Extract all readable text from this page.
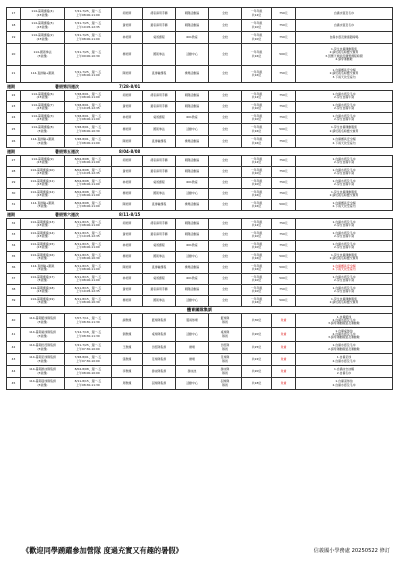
17	114-暑期課後(4)
(15堂課)	7/21-7/25，週一-五
上午08:00-11:00	胡老師	胡家兩用手藝	朝陽活動區	全校	一年年級
共12位	750元	自備水壺及毛巾
18	114-暑期課後(5)
(15堂課)	7/21-7/25，週一-五
上午10:05-12:35	黃老師	黃家兩用手藝	朝陽活動區	全校	一年年級
共10位	750元	自備水壺及毛巾
19	114-暑期課後(2)
(15堂課)	7/21-7/25，週一-五
上午08:00-11:00	林老師	桌遊課程	601教室	全校	一年年級
共10位	750元	自備水壺及健康隨時喝
20	114-國術拳法
(5堂課)	7/21-7/25，週一-五
上午09:00-10:30	楊老師	國術拳法	活動中心	全校	一年年級
共16位	500元	1.學生自備運動服裝
2.請於報名時繳交費用
3.因應天候狀況調整課程時間
4.請穿運動鞋
21	114-直排輪+跑跳	7/21-7/25，週一-五
上午08:00-11:00	陳老師	直排輪課程	操場活動區	全校	一年年級
共16位	750元	1.自備護具安全帽
2.請於報名時繳交費用
3.下雨天改至室內
週期 暑假第四週次 7/28-8/01									
22	114-暑期課後(6)
(15堂課)	7/28-8/01，週一-五
上午08:00-11:00	胡老師	胡家兩用手藝	朝陽活動區	全校	一年年級
共12位	750元	1.自備水壺及毛巾
2.學生自備午餐
23	114-暑期課後(7)
(15堂課)	7/28-8/01，週一-五
上午10:05-12:35	黃老師	黃家兩用手藝	朝陽活動區	全校	一年年級
共10位	750元	1.自備水壺及毛巾
2.學生自備午餐
24	114-暑期課後(3)
(15堂課)	7/28-8/01，週一-五
上午08:00-11:00	林老師	桌遊課程	601教室	全校	一年年級
共10位	750元	1.自備水壺及毛巾
2.學生自備午餐
25	114-暑期課後(8)
(5堂課)	7/28-8/01，週一-五
上午08:00-10:30	楊老師	國術拳法	活動中心	全校	一年年級
共16位	500元	1.學生自備運動服裝
2.請於報名時繳交費用
26	114-直排輪+跑跳
(5堂課)	7/28-8/01，週一-五
上午08:00-11:00	陳老師	直排輪課程	操場活動區	全校	一年年級
共16位	750元	1.自備護具安全帽
2.下雨天改至室內
週期 暑假第五週次 8/04-8/08									
27	114-暑期課後(9)
(15堂課)	8/04-8/08，週一-五
上午08:00-11:00	胡老師	胡家兩用手藝	朝陽活動區	全校	一年年級
共12位	750元	1.自備水壺及毛巾
2.學生自備午餐
28	114-暑期課後(10)
(15堂課)	8/04-8/08，週一-五
上午10:05-12:35	黃老師	黃家兩用手藝	朝陽活動區	全校	一年年級
共10位	750元	1.自備水壺及毛巾
2.學生自備午餐
29	114-暑期課後(11)
(15堂課)	8/04-8/08，週一-五
上午08:00-11:00	林老師	桌遊課程	601教室	全校	一年年級
共10位	750元	1.自備水壺及毛巾
2.學生自備午餐
30	114-暑期課後(12)
(15堂課)	8/04-8/08，週一-五
上午08:00-11:00	楊老師	國術拳法	活動中心	全校	一年年級
共16位	750元	1.學生自備運動服裝
2.請於報名時繳交費用
31	114-直排輪+跑跳
(5堂課)	8/04-8/08，週一-五
上午08:00-11:00	陳老師	直排輪課程	操場活動區	全校	一年年級
共16位	500元	1.自備護具安全帽
2.下雨天改至室內
週期 暑假第六週次 8/11-8/15									
32	114-暑期課後(13)
(15堂課)	8/11-8/15，週一-五
上午08:00-11:00	胡老師	胡家兩用手藝	朝陽活動區	全校	一年年級
共12位	750元	1.自備水壺及毛巾
2.學生自備午餐
33	114-暑期課後(14)
(15堂課)	8/11-8/15，週一-五
上午10:05-12:35	黃老師	黃家兩用手藝	朝陽活動區	全校	一年年級
共10位	750元	1.自備水壺及毛巾
2.學生自備午餐
34	114-暑期課後(15)
(15堂課)	8/11-8/15，週一-五
上午08:00-11:00	林老師	桌遊課程	601教室	全校	一年年級
共10位	750元	1.自備水壺及毛巾
2.學生自備午餐
35	114-暑期課後(16)
(5堂課)	8/11-8/15，週一-五
上午08:00-10:30	楊老師	國術拳法	活動中心	全校	一年年級
共16位	500元	1.學生自備運動服裝
2.請於報名時繳交費用
36	114-直排輪+跑跳
(5堂課)	8/11-8/15，週一-五
上午08:00-11:00	陳老師	直排輪課程	操場活動區	全校	一年年級
共16位	500元	1.自備護具安全帽
2.下雨天改至室內
37	114-暑期課後(17)
(5堂課)	8/11-8/15，週一-五
上午08:00-11:00	林老師	桌遊課程	601教室	全校	一年年級
共10位	500元	1.自備水壺及毛巾
2.學生自備午餐
38	114-暑期課後(18)
(15堂課)	8/11-8/15，週一-五
上午10:05-12:35	黃老師	黃家兩用手藝	朝陽活動區	全校	一年年級
共10位	750元	1.自備水壺及毛巾
2.學生自備午餐
39	114-暑期課後(19)
(5堂課)	8/11-8/15，週一-五
上午08:00-10:30	楊老師	國術拳法	活動中心	全校	一年年級
共16位	500元	1.學生自備運動服裝
2.請於報名時繳交費用
體育團隊集訓									
40	114-暑期籃球隊集訓
(5堂課)	7/07-7/11，週一-五
上午08:30-11:30	謝教練	籃球隊集訓	風雨球場	籃球隊
隊員	共30位	免費	1.自備籃球
2.自備水壺及毛巾
3.請穿運動服裝及運動鞋
41	114-暑期桌球隊集訓
(5堂課)	7/14-7/18，週一-五
上午08:30-11:30	劉教練	桌球隊集訓	活動中心	桌球隊
隊員	共20位	免費	1.自備桌球拍
2.自備水壺及毛巾
3.請穿運動服裝及運動鞋
42	114-暑期田徑隊集訓
(5堂課)	7/21-7/25，週一-五
上午07:30-10:00	王教練	田徑隊集訓	操場	田徑隊
隊員	共25位	免費	1.自備水壺及毛巾
2.請穿運動服裝及運動鞋
43	114-暑期足球隊集訓
(5堂課)	7/28-8/01，週一-五
上午07:30-10:00	張教練	足球隊集訓	操場	足球隊
隊員	共22位	免費	1.自備足球
2.自備水壺及毛巾
44	114-暑期游泳隊集訓
(5堂課)	8/04-8/08，週一-五
上午08:00-10:00	李教練	游泳隊集訓	游泳池	游泳隊
隊員	共20位	免費	1.自備泳衣泳帽
2.自備毛巾
45	114-暑期羽球隊集訓
(5堂課)	8/11-8/15，週一-五
上午08:30-11:30	周教練	羽球隊集訓	活動中心	羽球隊
隊員	共18位	免費	1.自備羽球拍
2.自備水壺及毛巾
《歡迎同學踴躍參加營隊 度過充實又有趣的暑假》	信義國小學務處 20250522 修訂
